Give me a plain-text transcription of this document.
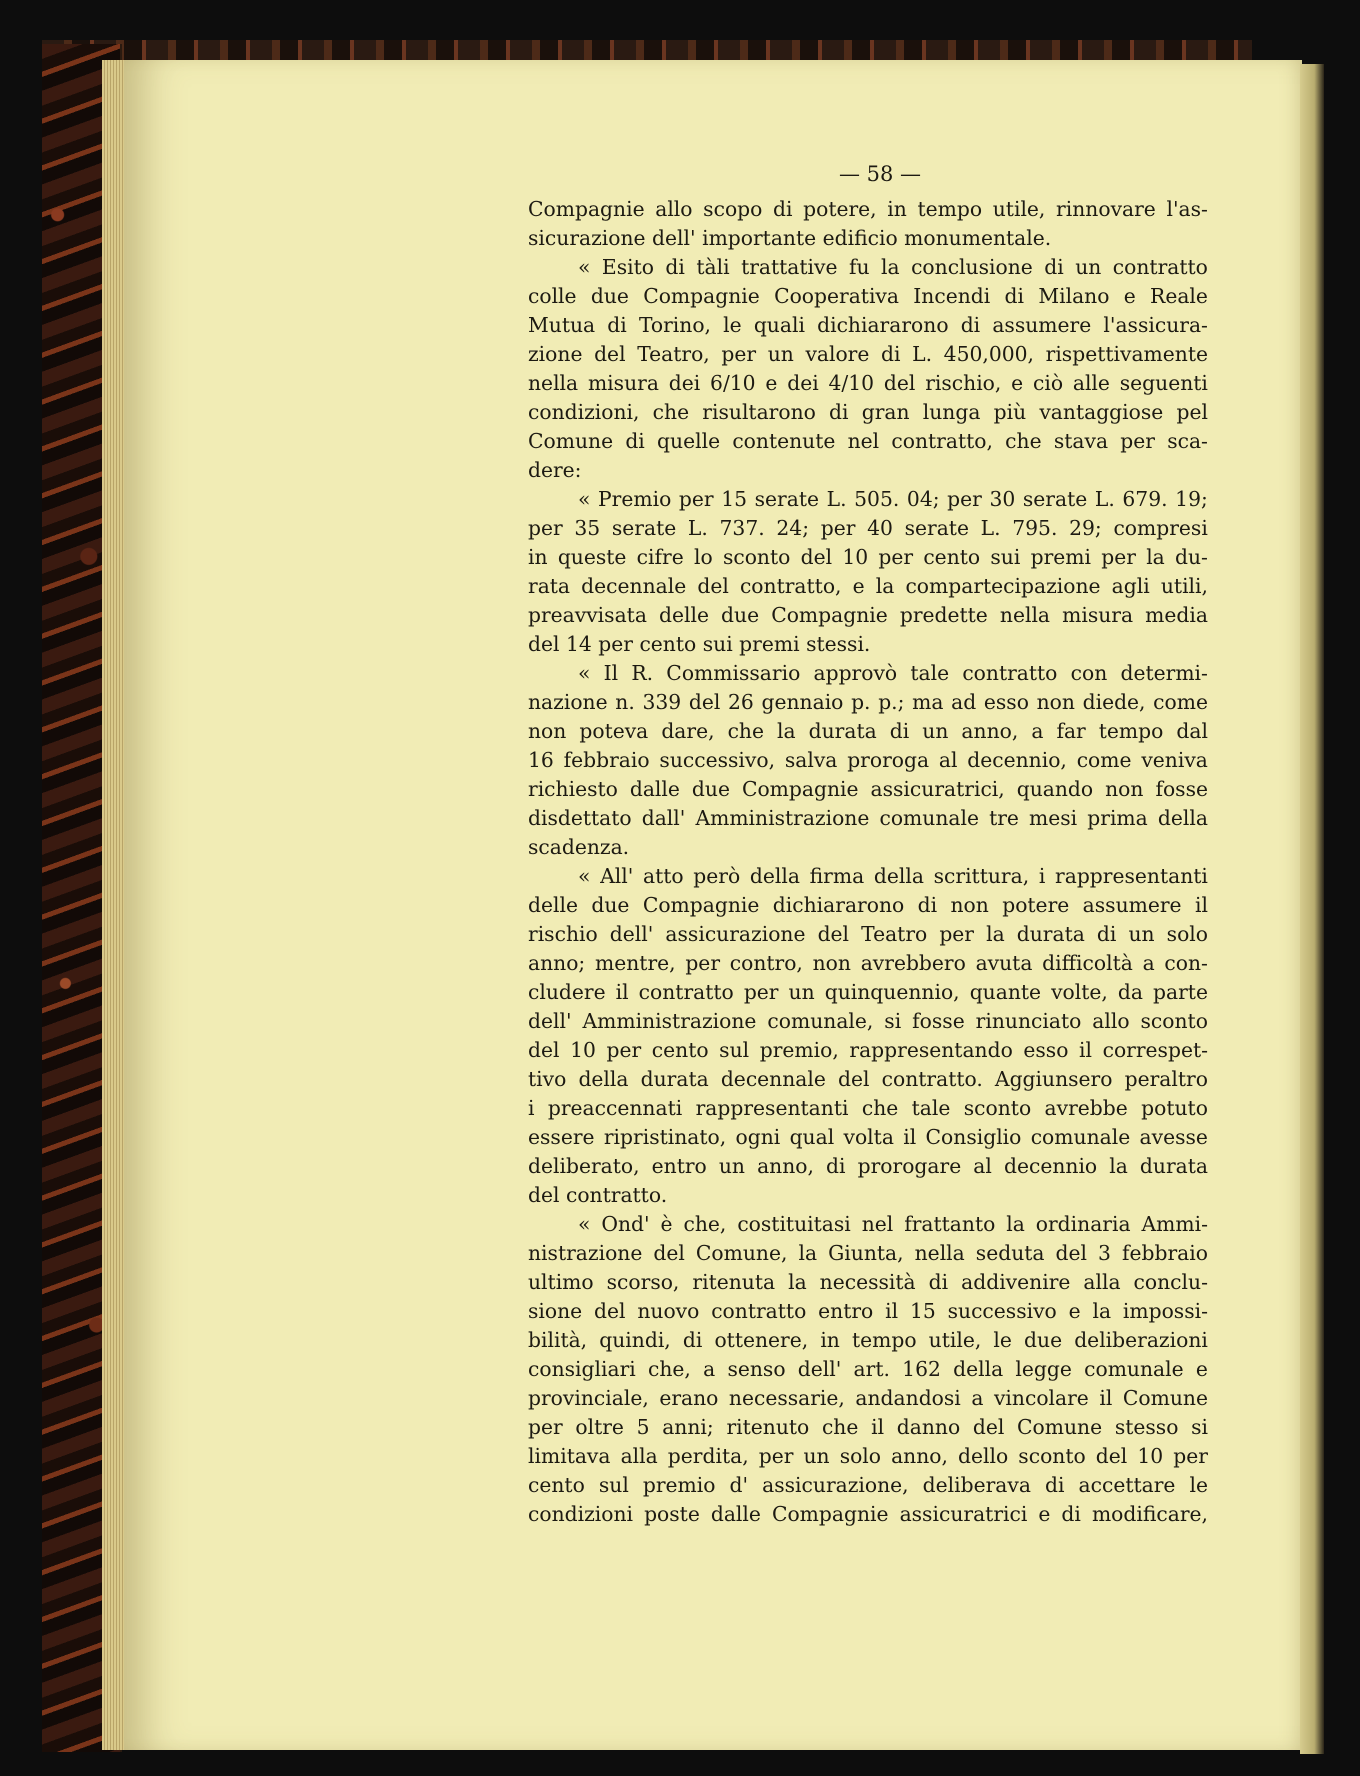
— 58 —
Compagnie allo scopo di potere, in tempo utile, rinnovare l'as-
sicurazione dell' importante edificio monumentale.
« Esito di tàli trattative fu la conclusione di un contratto
colle due Compagnie Cooperativa Incendi di Milano e Reale
Mutua di Torino, le quali dichiararono di assumere l'assicura-
zione del Teatro, per un valore di L. 450,000, rispettivamente
nella misura dei 6/10 e dei 4/10 del rischio, e ciò alle seguenti
condizioni, che risultarono di gran lunga più vantaggiose pel
Comune di quelle contenute nel contratto, che stava per sca-
dere:
« Premio per 15 serate L. 505. 04; per 30 serate L. 679. 19;
per 35 serate L. 737. 24; per 40 serate L. 795. 29; compresi
in queste cifre lo sconto del 10 per cento sui premi per la du-
rata decennale del contratto, e la compartecipazione agli utili,
preavvisata delle due Compagnie predette nella misura media
del 14 per cento sui premi stessi.
« Il R. Commissario approvò tale contratto con determi-
nazione n. 339 del 26 gennaio p. p.; ma ad esso non diede, come
non poteva dare, che la durata di un anno, a far tempo dal
16 febbraio successivo, salva proroga al decennio, come veniva
richiesto dalle due Compagnie assicuratrici, quando non fosse
disdettato dall' Amministrazione comunale tre mesi prima della
scadenza.
« All' atto però della firma della scrittura, i rappresentanti
delle due Compagnie dichiararono di non potere assumere il
rischio dell' assicurazione del Teatro per la durata di un solo
anno; mentre, per contro, non avrebbero avuta difficoltà a con-
cludere il contratto per un quinquennio, quante volte, da parte
dell' Amministrazione comunale, si fosse rinunciato allo sconto
del 10 per cento sul premio, rappresentando esso il correspet-
tivo della durata decennale del contratto. Aggiunsero peraltro
i preaccennati rappresentanti che tale sconto avrebbe potuto
essere ripristinato, ogni qual volta il Consiglio comunale avesse
deliberato, entro un anno, di prorogare al decennio la durata
del contratto.
« Ond' è che, costituitasi nel frattanto la ordinaria Ammi-
nistrazione del Comune, la Giunta, nella seduta del 3 febbraio
ultimo scorso, ritenuta la necessità di addivenire alla conclu-
sione del nuovo contratto entro il 15 successivo e la impossi-
bilità, quindi, di ottenere, in tempo utile, le due deliberazioni
consigliari che, a senso dell' art. 162 della legge comunale e
provinciale, erano necessarie, andandosi a vincolare il Comune
per oltre 5 anni; ritenuto che il danno del Comune stesso si
limitava alla perdita, per un solo anno, dello sconto del 10 per
cento sul premio d' assicurazione, deliberava di accettare le
condizioni poste dalle Compagnie assicuratrici e di modificare,
